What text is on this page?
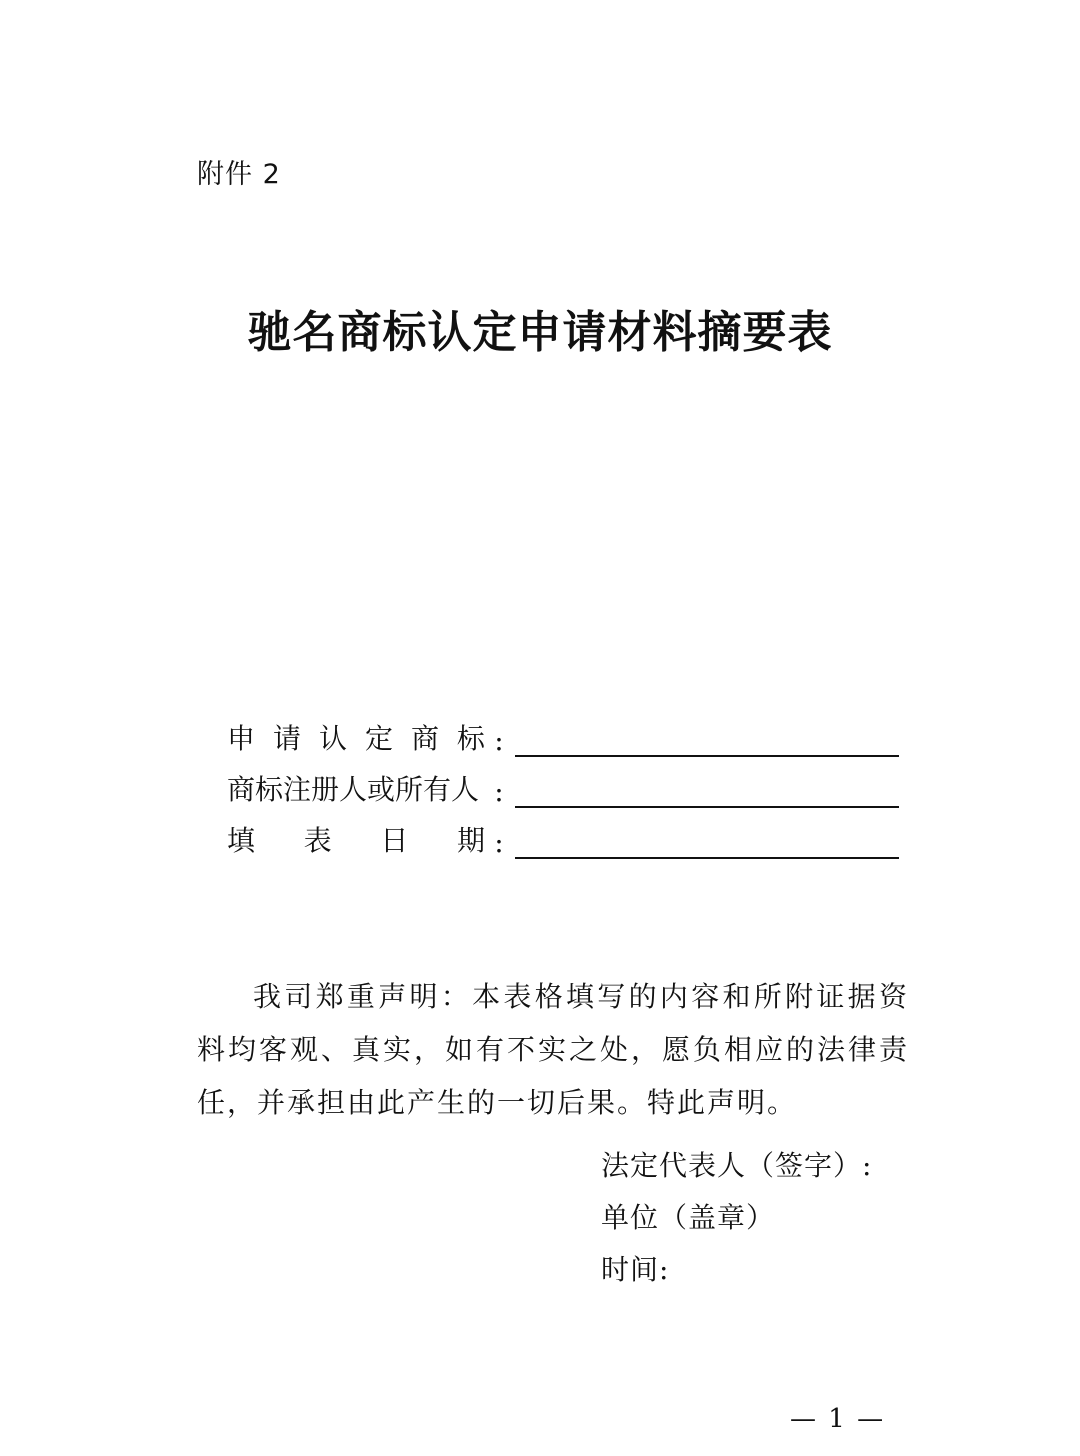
附件 2
驰名商标认定申请材料摘要表
申 请 认 定 商 标 :
商标注册人或所有人 :
填 表 日 期 :
我司郑重声明：本表格填写的内容和所附证据资料均客观、真实，如有不实之处，愿负相应的法律责任，并承担由此产生的一切后果。特此声明。
法定代表人（签字）:
单位（盖章）
时间:
— 1 —
